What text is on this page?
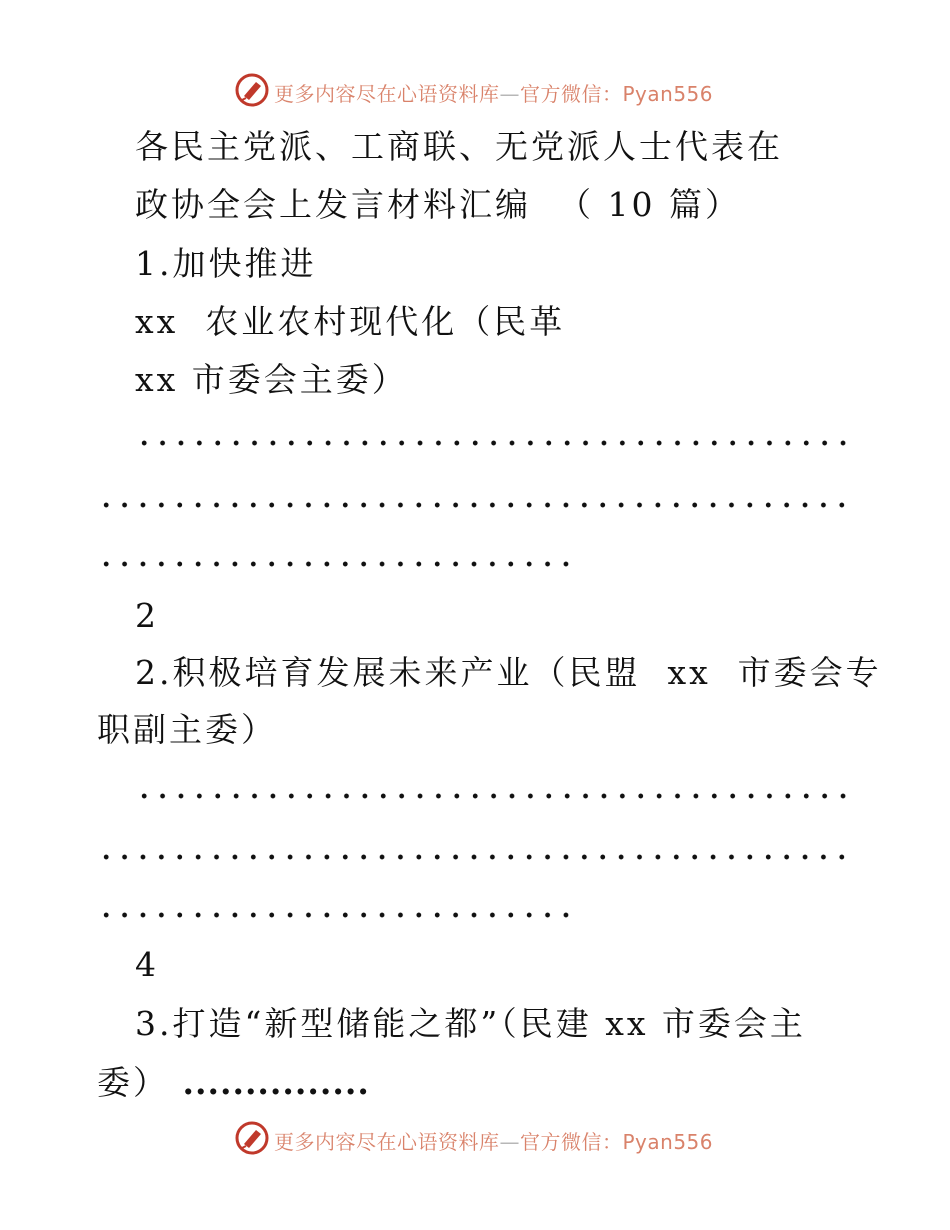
更多内容尽在心语资料库—官方微信：Pyan556
各民主党派、工商联、无党派人士代表在
政协全会上发言材料汇编  （ 10 篇）
1.加快推进
xx  农业农村现代化（民革
xx 市委会主委）
2
2.积极培育发展未来产业（民盟  xx  市委会专
职副主委）
4
3.打造“新型储能之都”（民建 xx 市委会主
委） ...............
更多内容尽在心语资料库—官方微信：Pyan556
